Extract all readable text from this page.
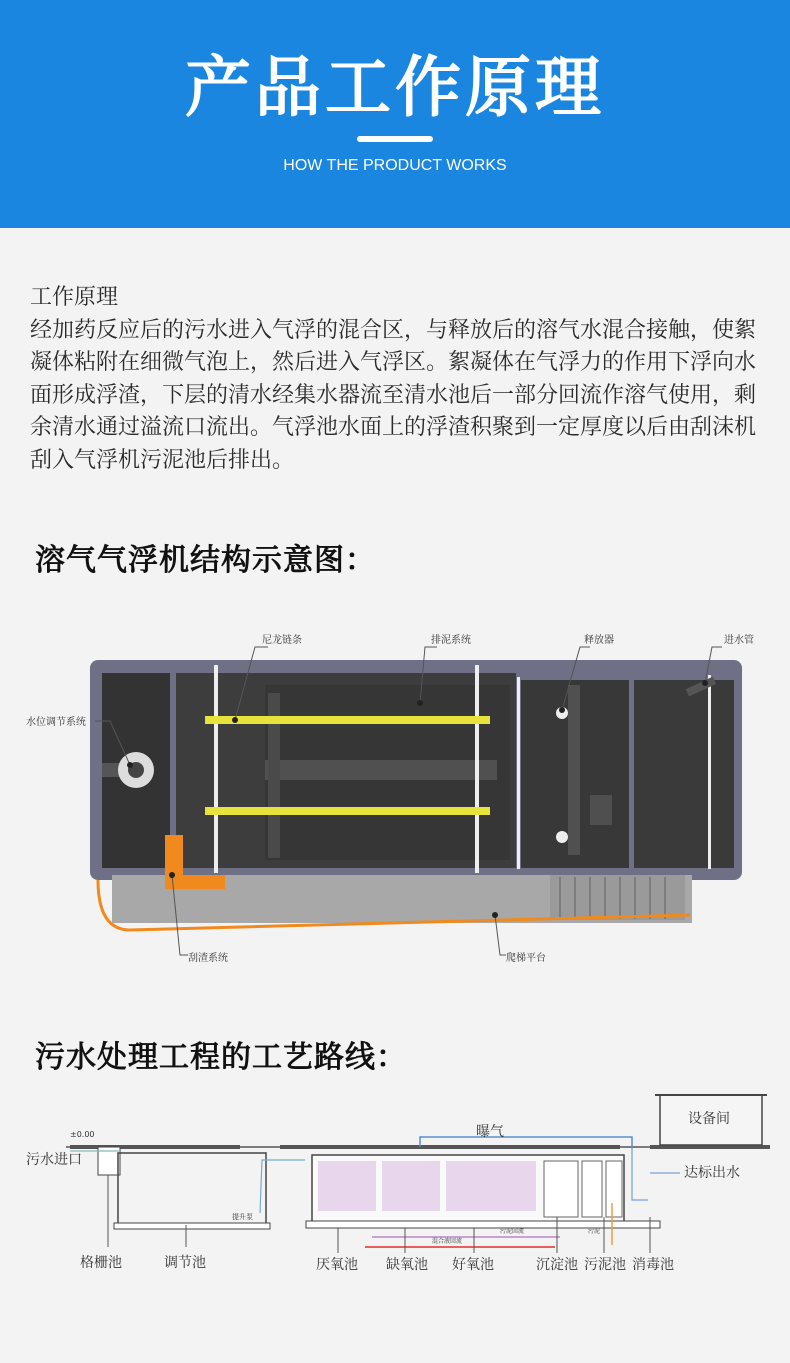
产品工作原理
HOW THE PRODUCT WORKS

工作原理

经加药反应后的污水进入气浮的混合区，与释放后的溶气水混合接触，使絮凝体粘附在细微气泡上，然后进入气浮区。絮凝体在气浮力的作用下浮向水面形成浮渣，下层的清水经集水器流至清水池后一部分回流作溶气使用，剩余清水通过溢流口流出。气浮池水面上的浮渣积聚到一定厚度以后由刮沫机刮入气浮机污泥池后排出。

溶气气浮机结构示意图：
尼龙链条	排泥系统	释放器	进水管
水位调节系统
刮渣系统	爬梯平台
污水处理工程的工艺路线：
±0.00
设备间
提升泵
混合液回流
污泥回流	污泥
污水进口
曝气
达标出水
格栅池	调节池	厌氧池 缺氧池 好氧池	沉淀池 污泥池 消毒池
